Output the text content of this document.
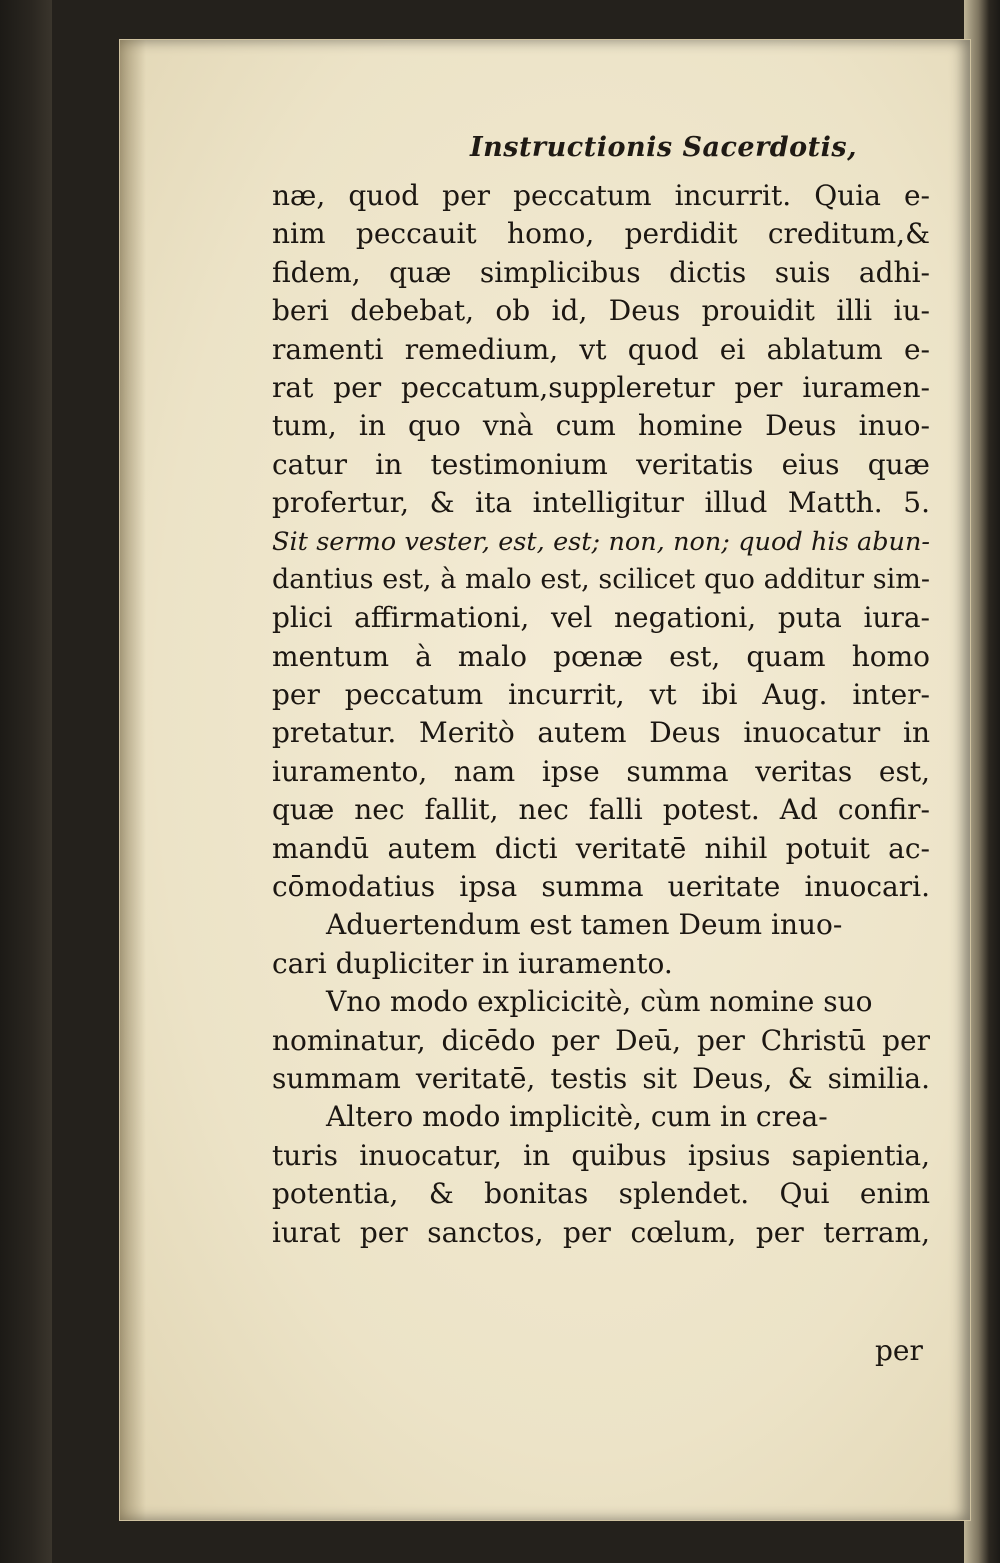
Instructionis Sacerdotis,
næ, quod per peccatum incurrit. Quia e-
nim peccauit homo, perdidit creditum,&
fidem, quæ simplicibus dictis suis adhi-
beri debebat, ob id, Deus prouidit illi iu-
ramenti remedium, vt quod ei ablatum e-
rat per peccatum,suppleretur per iuramen-
tum, in quo vnà cum homine Deus inuo-
catur in testimonium veritatis eius quæ
profertur, & ita intelligitur illud Matth. 5.
Sit sermo vester, est, est; non, non; quod his abun-
dantius est, à malo est, scilicet quo additur sim-
plici affirmationi, vel negationi, puta iura-
mentum à malo pœnæ est, quam homo
per peccatum incurrit, vt ibi Aug. inter-
pretatur. Meritò autem Deus inuocatur in
iuramento, nam ipse summa veritas est,
quæ nec fallit, nec falli potest. Ad confir-
mandū autem dicti veritatē nihil potuit ac-
cōmodatius ipsa summa ueritate inuocari.
Aduertendum est tamen Deum inuo-
cari dupliciter in iuramento.
Vno modo explicicitè, cùm nomine suo
nominatur, dicēdo per Deū, per Christū per
summam veritatē, testis sit Deus, & similia.
Altero modo implicitè, cum in crea-
turis inuocatur, in quibus ipsius sapientia,
potentia, & bonitas splendet. Qui enim
iurat per sanctos, per cœlum, per terram,
per
